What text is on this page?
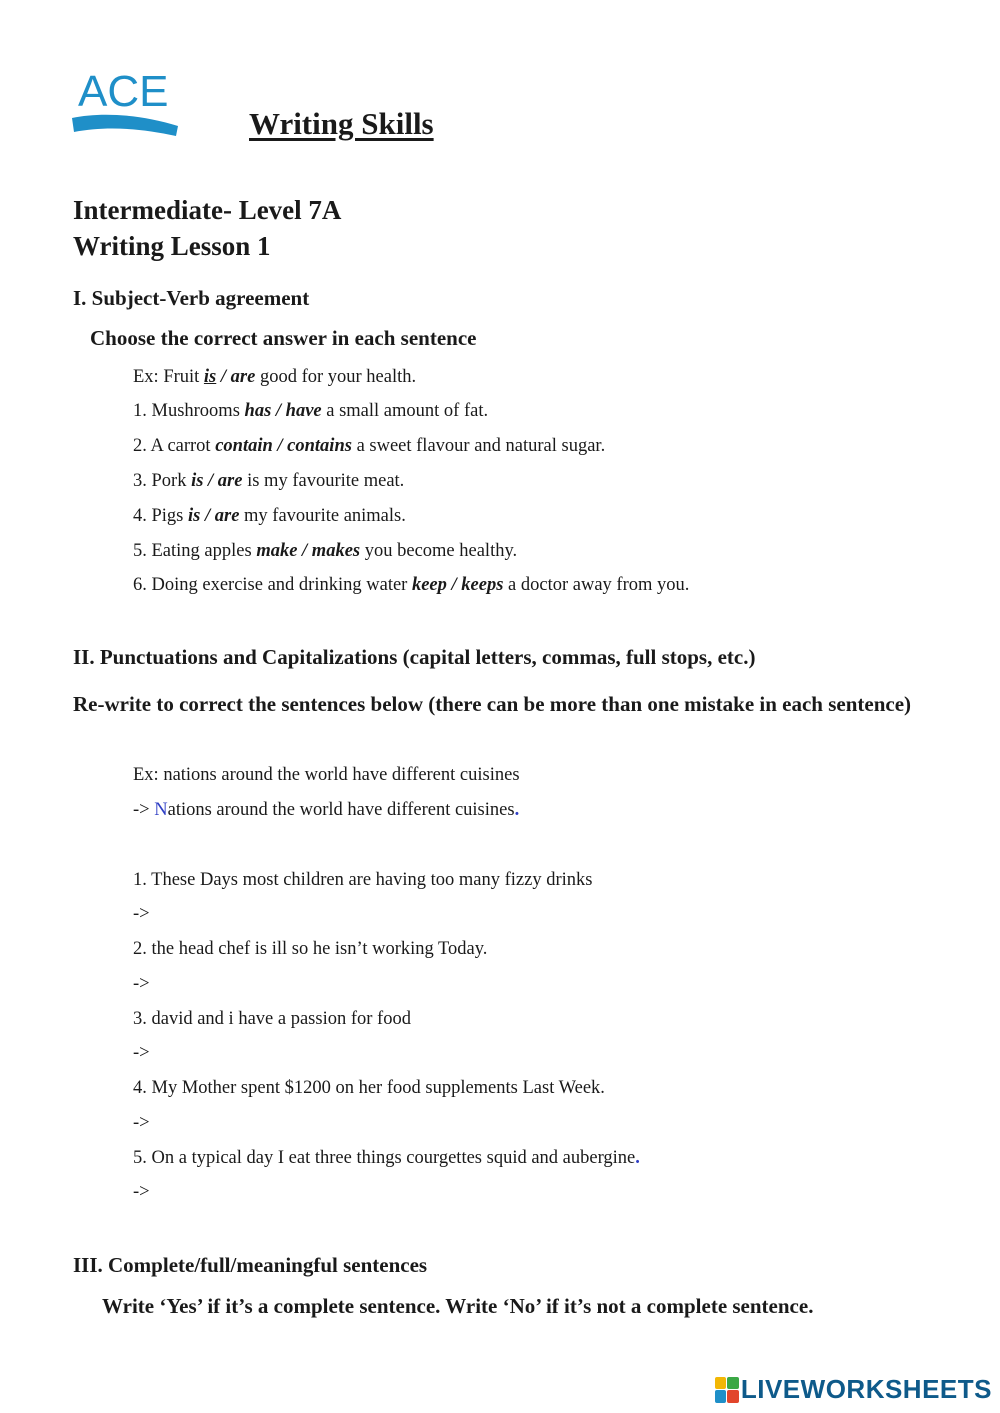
ACE
Writing Skills
Intermediate- Level 7A
Writing Lesson 1
I. Subject-Verb agreement
Choose the correct answer in each sentence
Ex: Fruit is / are good for your health.
1. Mushrooms has / have a small amount of fat.
2. A carrot contain / contains a sweet flavour and natural sugar.
3. Pork is / are is my favourite meat.
4. Pigs is / are my favourite animals.
5. Eating apples make / makes you become healthy.
6. Doing exercise and drinking water keep / keeps a doctor away from you.
II. Punctuations and Capitalizations (capital letters, commas, full stops, etc.)
Re-write to correct the sentences below (there can be more than one mistake in each sentence)
Ex: nations around the world have different cuisines
-> Nations around the world have different cuisines.
1. These Days most children are having too many fizzy drinks
->
2. the head chef is ill so he isn’t working Today.
->
3. david and i have a passion for food
->
4. My Mother spent $1200 on her food supplements Last Week.
->
5. On a typical day I eat three things courgettes squid and aubergine.
->
III. Complete/full/meaningful sentences
Write ‘Yes’ if it’s a complete sentence. Write ‘No’ if it’s not a complete sentence.
LIVEWORKSHEETS
